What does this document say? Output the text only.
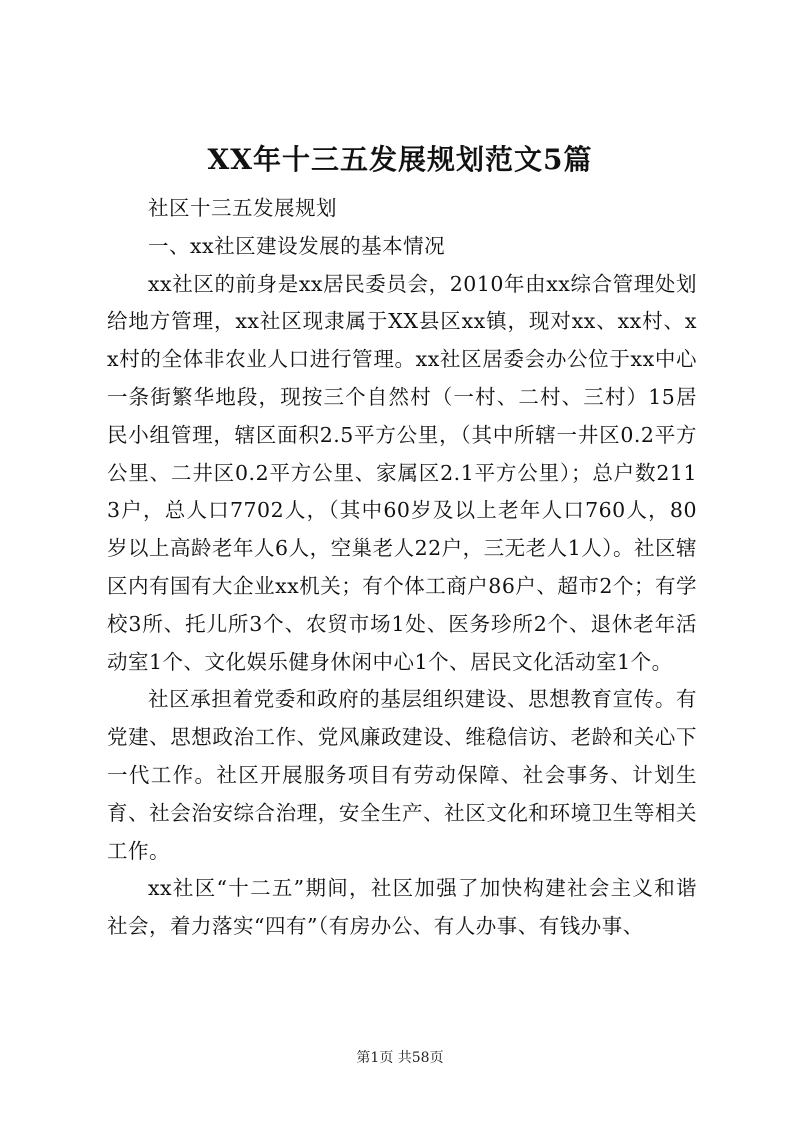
XX年十三五发展规划范文5篇

社区十三五发展规划

一、xx社区建设发展的基本情况

xx社区的前身是xx居民委员会，2010年由xx综合管理处划给地方管理，xx社区现隶属于XX县区xx镇，现对xx、xx村、xx村的全体非农业人口进行管理。xx社区居委会办公位于xx中心一条街繁华地段，现按三个自然村（一村、二村、三村）15居民小组管理，辖区面积2.5平方公里，（其中所辖一井区0.2平方公里、二井区0.2平方公里、家属区2.1平方公里）；总户数2113户，总人口7702人，（其中60岁及以上老年人口760人，80岁以上高龄老年人6人，空巢老人22户，三无老人1人）。社区辖区内有国有大企业xx机关；有个体工商户86户、超市2个；有学校3所、托儿所3个、农贸市场1处、医务珍所2个、退休老年活动室1个、文化娱乐健身休闲中心1个、居民文化活动室1个。

社区承担着党委和政府的基层组织建设、思想教育宣传。有党建、思想政治工作、党风廉政建设、维稳信访、老龄和关心下一代工作。社区开展服务项目有劳动保障、社会事务、计划生育、社会治安综合治理，安全生产、社区文化和环境卫生等相关工作。

xx社区“十二五”期间，社区加强了加快构建社会主义和谐社会，着力落实“四有”（有房办公、有人办事、有钱办事、

第1页 共58页
